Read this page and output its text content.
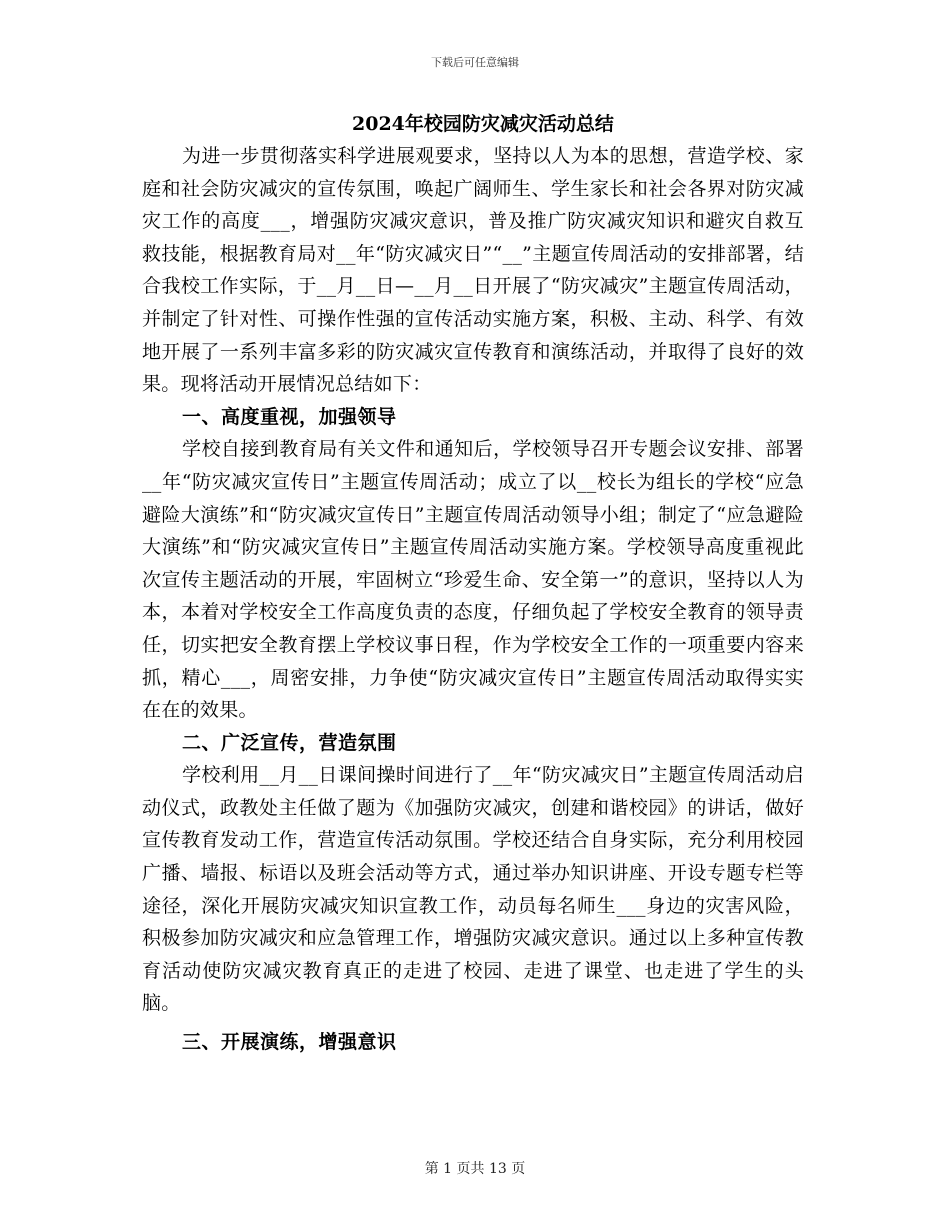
下载后可任意编辑
2024年校园防灾减灾活动总结

为进一步贯彻落实科学进展观要求，坚持以人为本的思想，营造学校、家庭和社会防灾减灾的宣传氛围，唤起广阔师生、学生家长和社会各界对防灾减灾工作的高度___，增强防灾减灾意识，普及推广防灾减灾知识和避灾自救互救技能，根据教育局对__年“防灾减灾日”“__”主题宣传周活动的安排部署，结合我校工作实际，于__月__日—__月__日开展了“防灾减灾”主题宣传周活动，并制定了针对性、可操作性强的宣传活动实施方案，积极、主动、科学、有效地开展了一系列丰富多彩的防灾减灾宣传教育和演练活动，并取得了良好的效果。现将活动开展情况总结如下：

一、高度重视，加强领导

学校自接到教育局有关文件和通知后，学校领导召开专题会议安排、部署__年“防灾减灾宣传日”主题宣传周活动；成立了以__校长为组长的学校“应急避险大演练”和“防灾减灾宣传日”主题宣传周活动领导小组；制定了“应急避险大演练”和“防灾减灾宣传日”主题宣传周活动实施方案。学校领导高度重视此次宣传主题活动的开展，牢固树立“珍爱生命、安全第一”的意识，坚持以人为本，本着对学校安全工作高度负责的态度，仔细负起了学校安全教育的领导责任，切实把安全教育摆上学校议事日程，作为学校安全工作的一项重要内容来抓，精心___，周密安排，力争使“防灾减灾宣传日”主题宣传周活动取得实实在在的效果。

二、广泛宣传，营造氛围

学校利用__月__日课间操时间进行了__年“防灾减灾日”主题宣传周活动启动仪式，政教处主任做了题为《加强防灾减灾，创建和谐校园》的讲话，做好宣传教育发动工作，营造宣传活动氛围。学校还结合自身实际，充分利用校园广播、墙报、标语以及班会活动等方式，通过举办知识讲座、开设专题专栏等途径，深化开展防灾减灾知识宣教工作，动员每名师生___身边的灾害风险，积极参加防灾减灾和应急管理工作，增强防灾减灾意识。通过以上多种宣传教育活动使防灾减灾教育真正的走进了校园、走进了课堂、也走进了学生的头脑。

三、开展演练，增强意识
第 1 页共 13 页
